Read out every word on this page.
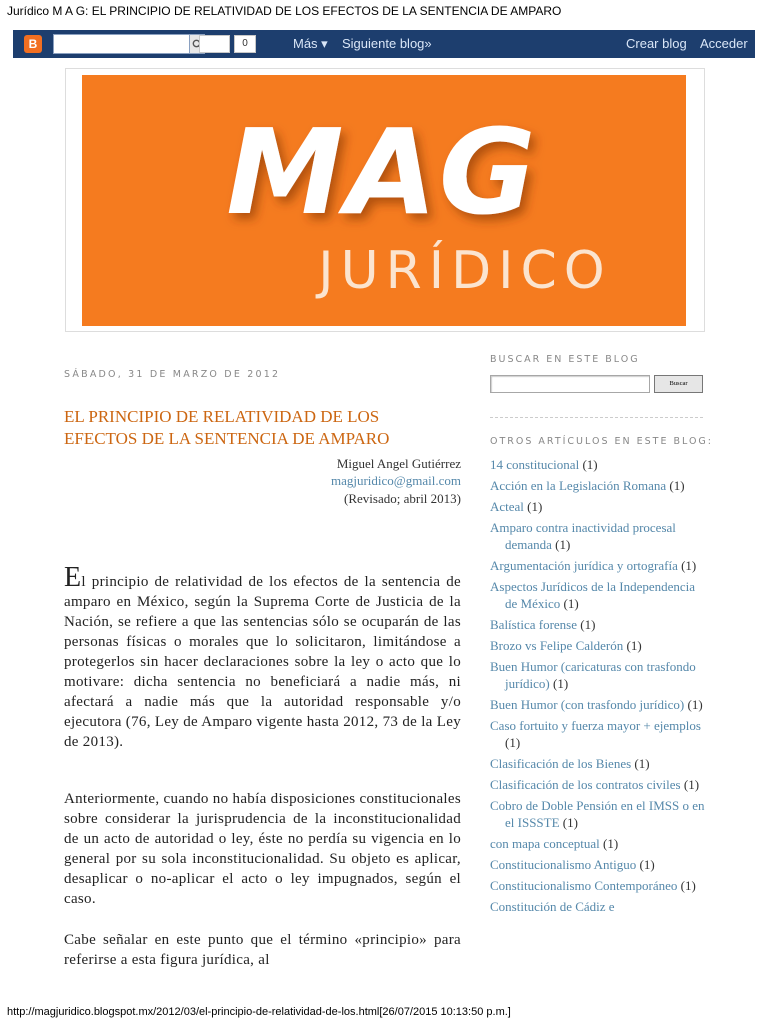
Jurídico M A G: EL PRINCIPIO DE RELATIVIDAD DE LOS EFECTOS DE LA SENTENCIA DE AMPARO
B	0	Más ▾ Siguiente blog»	Crear blog Acceder
MAG
JURÍDICO
SÁBADO, 31 DE MARZO DE 2012
EL PRINCIPIO DE RELATIVIDAD DE LOS EFECTOS DE LA SENTENCIA DE AMPARO
Miguel Angel Gutiérrez
magjuridico@gmail.com
(Revisado; abril 2013)
El principio de relatividad de los efectos de la sentencia de amparo en México, según la Suprema Corte de Justicia de la Nación, se refiere a que las sentencias sólo se ocuparán de las personas físicas o morales que lo solicitaron, limitándose a protegerlos sin hacer declaraciones sobre la ley o acto que lo motivare: dicha sentencia no beneficiará a nadie más, ni afectará a nadie más que la autoridad responsable y/o ejecutora (76, Ley de Amparo vigente hasta 2012, 73 de la Ley de 2013).
Anteriormente, cuando no había disposiciones constitucionales sobre considerar la jurisprudencia de la inconstitucionalidad de un acto de autoridad o ley, éste no perdía su vigencia en lo general por su sola inconstitucionalidad. Su objeto es aplicar, desaplicar o no-aplicar el acto o ley impugnados, según el caso.
Cabe señalar en este punto que el término «principio» para referirse a esta figura jurídica, al
BUSCAR EN ESTE BLOG
Buscar
OTROS ARTÍCULOS EN ESTE BLOG:
14 constitucional (1)
Acción en la Legislación Romana (1)
Acteal (1)
Amparo contra inactividad procesal demanda (1)
Argumentación jurídica y ortografía (1)
Aspectos Jurídicos de la Independencia de México (1)
Balística forense (1)
Brozo vs Felipe Calderón (1)
Buen Humor (caricaturas con trasfondo jurídico) (1)
Buen Humor (con trasfondo jurídico) (1)
Caso fortuito y fuerza mayor + ejemplos (1)
Clasificación de los Bienes (1)
Clasificación de los contratos civiles (1)
Cobro de Doble Pensión en el IMSS o en el ISSSTE (1)
con mapa conceptual (1)
Constitucionalismo Antiguo (1)
Constitucionalismo Contemporáneo (1)
Constitución de Cádiz e
http://magjuridico.blogspot.mx/2012/03/el-principio-de-relatividad-de-los.html[26/07/2015 10:13:50 p.m.]
